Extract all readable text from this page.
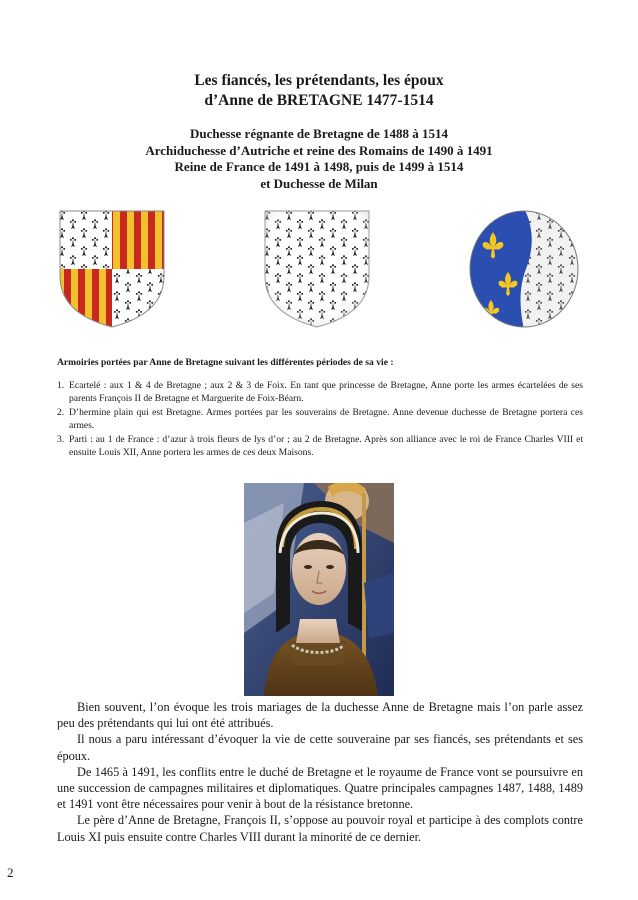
Les fiancés, les prétendants, les époux
d’Anne de BRETAGNE 1477-1514
Duchesse régnante de Bretagne de 1488 à 1514
Archiduchesse d’Autriche et reine des Romains de 1490 à 1491
Reine de France de 1491 à 1498, puis de 1499 à 1514
et Duchesse de Milan
Armoiries portées par Anne de Bretagne suivant les différentes périodes de sa vie :
1. Ecartelé : aux 1 & 4 de Bretagne ; aux 2 & 3 de Foix. En tant que princesse de Bretagne, Anne porte les armes écartelées de ses parents François II de Bretagne et Marguerite de Foix-Béarn.
2. D’hermine plain qui est Bretagne. Armes portées par les souverains de Bretagne. Anne devenue duchesse de Bretagne portera ces armes.
3. Parti : au 1 de France : d’azur à trois fleurs de lys d’or ; au 2 de Bretagne. Après son alliance avec le roi de France Charles VIII et ensuite Louis XII, Anne portera les armes de ces deux Maisons.

Bien souvent, l’on évoque les trois mariages de la duchesse Anne de Bretagne mais l’on parle assez peu des prétendants qui lui ont été attribués.

Il nous a paru intéressant d’évoquer la vie de cette souveraine par ses fiancés, ses prétendants et ses époux.

De 1465 à 1491, les conflits entre le duché de Bretagne et le royaume de France vont se poursuivre en une succession de campagnes militaires et diplomatiques. Quatre principales campagnes 1487, 1488, 1489 et 1491 vont être nécessaires pour venir à bout de la résistance bretonne.

Le père d’Anne de Bretagne, François II, s’oppose au pouvoir royal et participe à des complots contre Louis XI puis ensuite contre Charles VIII durant la minorité de ce dernier.

2
